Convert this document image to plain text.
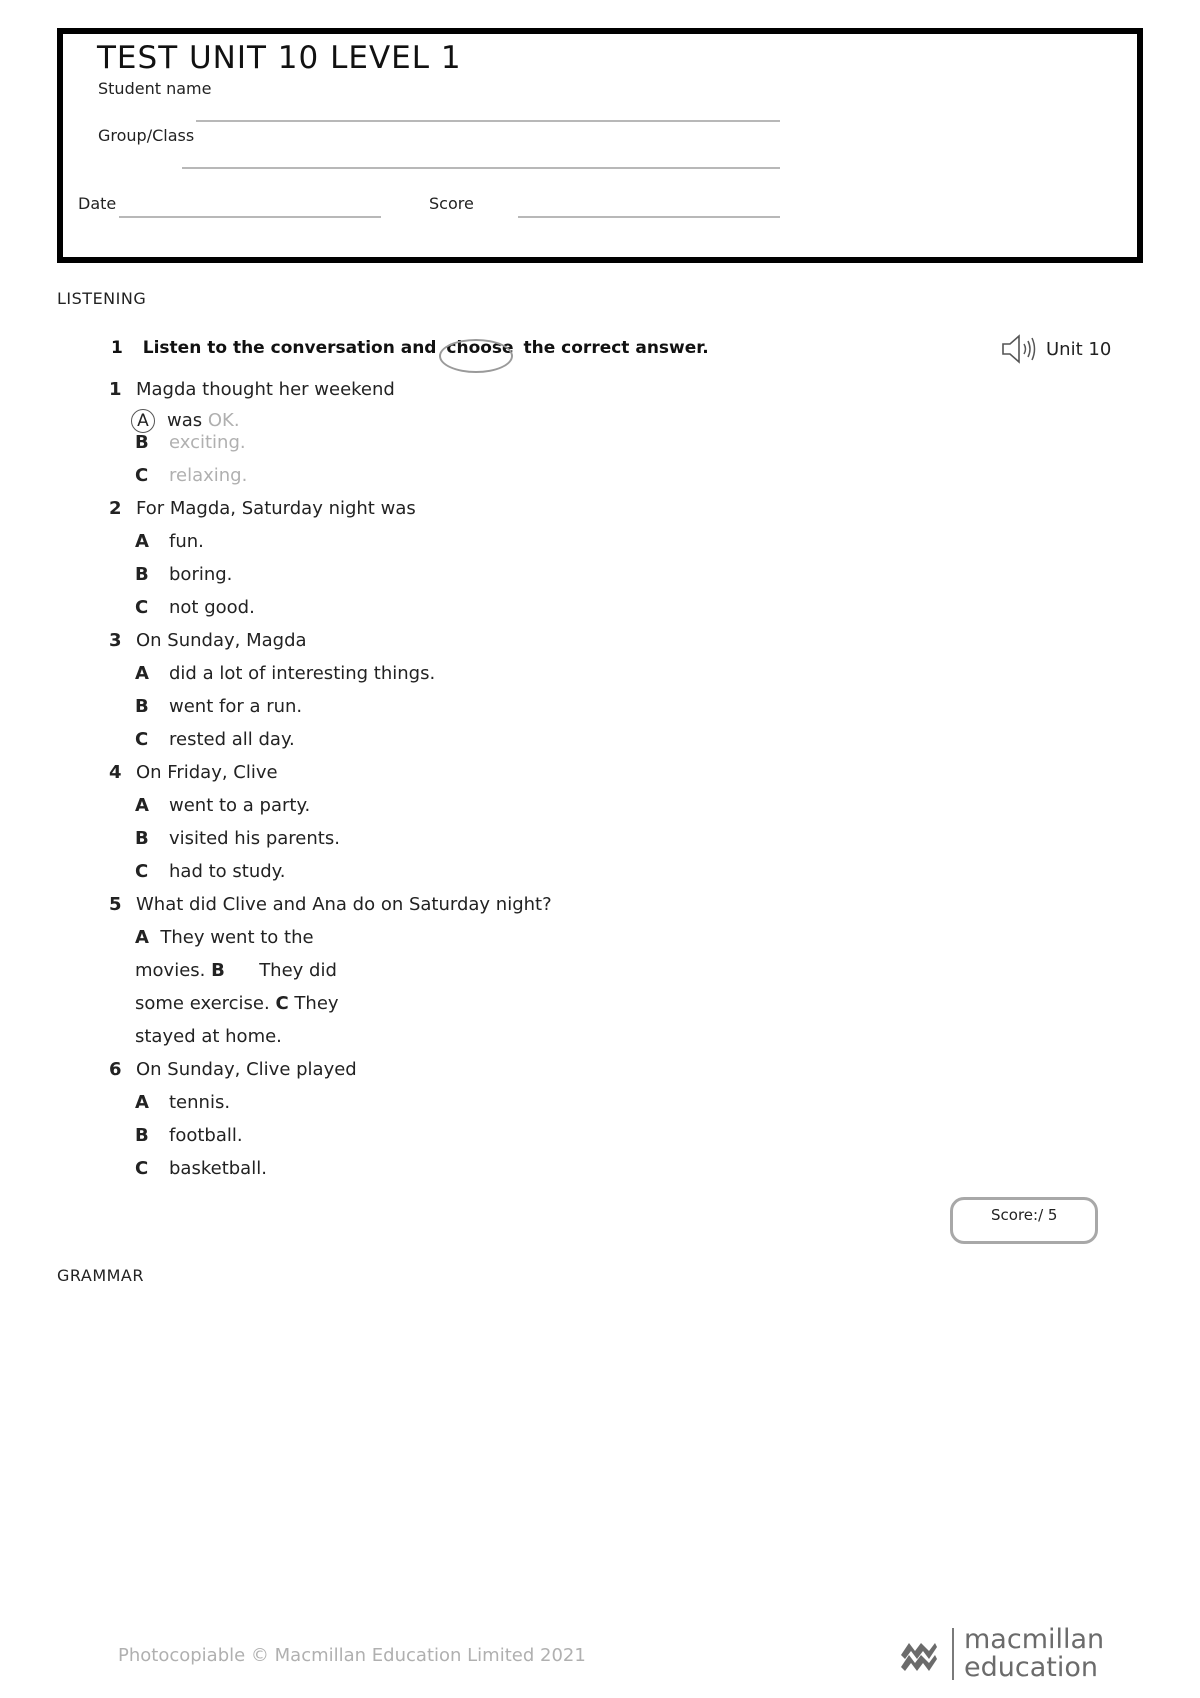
TEST UNIT 10 LEVEL 1
Student name
Group/Class
Date	Score
LISTENING
1 Listen to the conversation and choose the correct answer.	Unit 10
1 Magda thought her weekend
A was OK.
B exciting.
C relaxing.
2 For Magda, Saturday night was
A fun.
B boring.
C not good.
3 On Sunday, Magda
A did a lot of interesting things.
B went for a run.
C rested all day.
4 On Friday, Clive
A went to a party.
B visited his parents.
C had to study.
5 What did Clive and Ana do on Saturday night?
A They went to the
movies. B They did
some exercise. C They
stayed at home.
6 On Sunday, Clive played
A tennis.
B football.
C basketball.
Score:/ 5
GRAMMAR
Photocopiable © Macmillan Education Limited 2021
macmillan
education
